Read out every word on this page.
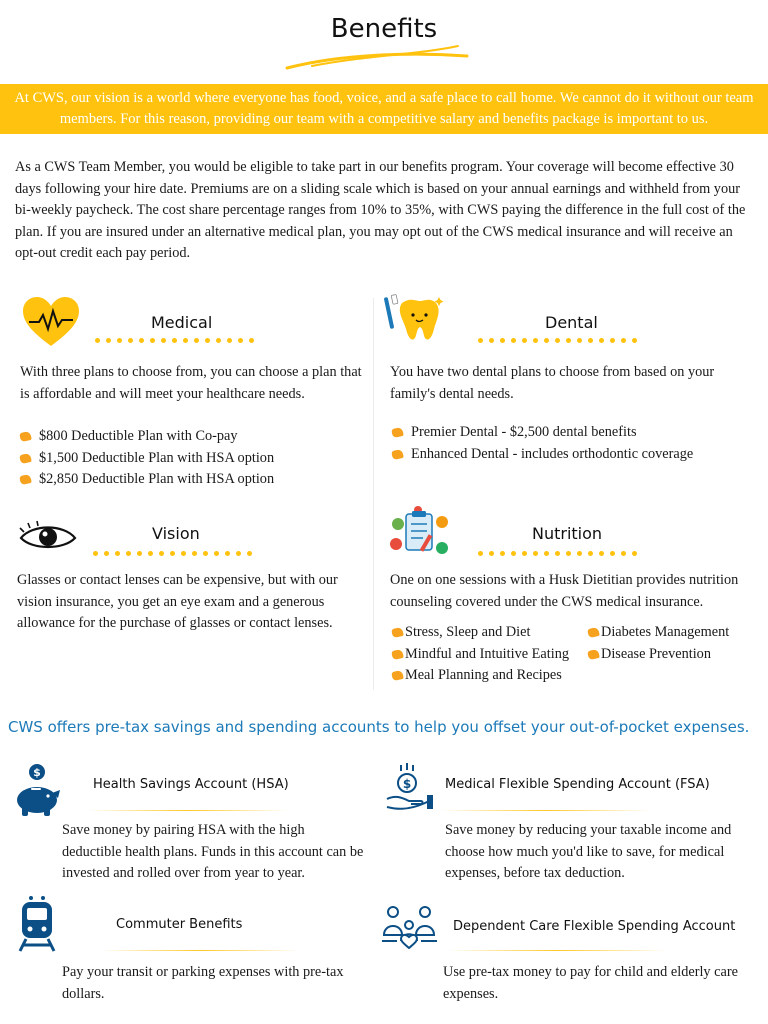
Benefits
At CWS, our vision is a world where everyone has food, voice, and a safe place to call home. We cannot do it without our team members. For this reason, providing our team with a competitive salary and benefits package is important to us.

As a CWS Team Member, you would be eligible to take part in our benefits program. Your coverage will become effective 30 days following your hire date. Premiums are on a sliding scale which is based on your annual earnings and withheld from your bi-weekly paycheck. The cost share percentage ranges from 10% to 35%, with CWS paying the difference in the full cost of the plan. If you are insured under an alternative medical plan, you may opt out of the CWS medical insurance and will receive an opt-out credit each pay period.

Medical

With three plans to choose from, you can choose a plan that is affordable and will meet your healthcare needs.

$800 Deductible Plan with Co-pay
$1,500 Deductible Plan with HSA option
$2,850 Deductible Plan with HSA option
Dental

You have two dental plans to choose from based on your family's dental needs.

Premier Dental - $2,500 dental benefits
Enhanced Dental - includes orthodontic coverage
Vision

Glasses or contact lenses can be expensive, but with our vision insurance, you get an eye exam and a generous allowance for the purchase of glasses or contact lenses.

Nutrition

One on one sessions with a Husk Dietitian provides nutrition counseling covered under the CWS medical insurance.

Stress, Sleep and Diet
Mindful and Intuitive Eating
Meal Planning and Recipes
Diabetes Management
Disease Prevention
CWS offers pre-tax savings and spending accounts to help you offset your out-of-pocket expenses.
$
Health Savings Account (HSA)

Save money by pairing HSA with the high deductible health plans. Funds in this account can be invested and rolled over from year to year.

$	Medical Flexible Spending Account (FSA)

Save money by reducing your taxable income and choose how much you'd like to save, for medical expenses, before tax deduction.

Commuter Benefits

Pay your transit or parking expenses with pre-tax dollars.

Dependent Care Flexible Spending Account

Use pre-tax money to pay for child and elderly care expenses.
